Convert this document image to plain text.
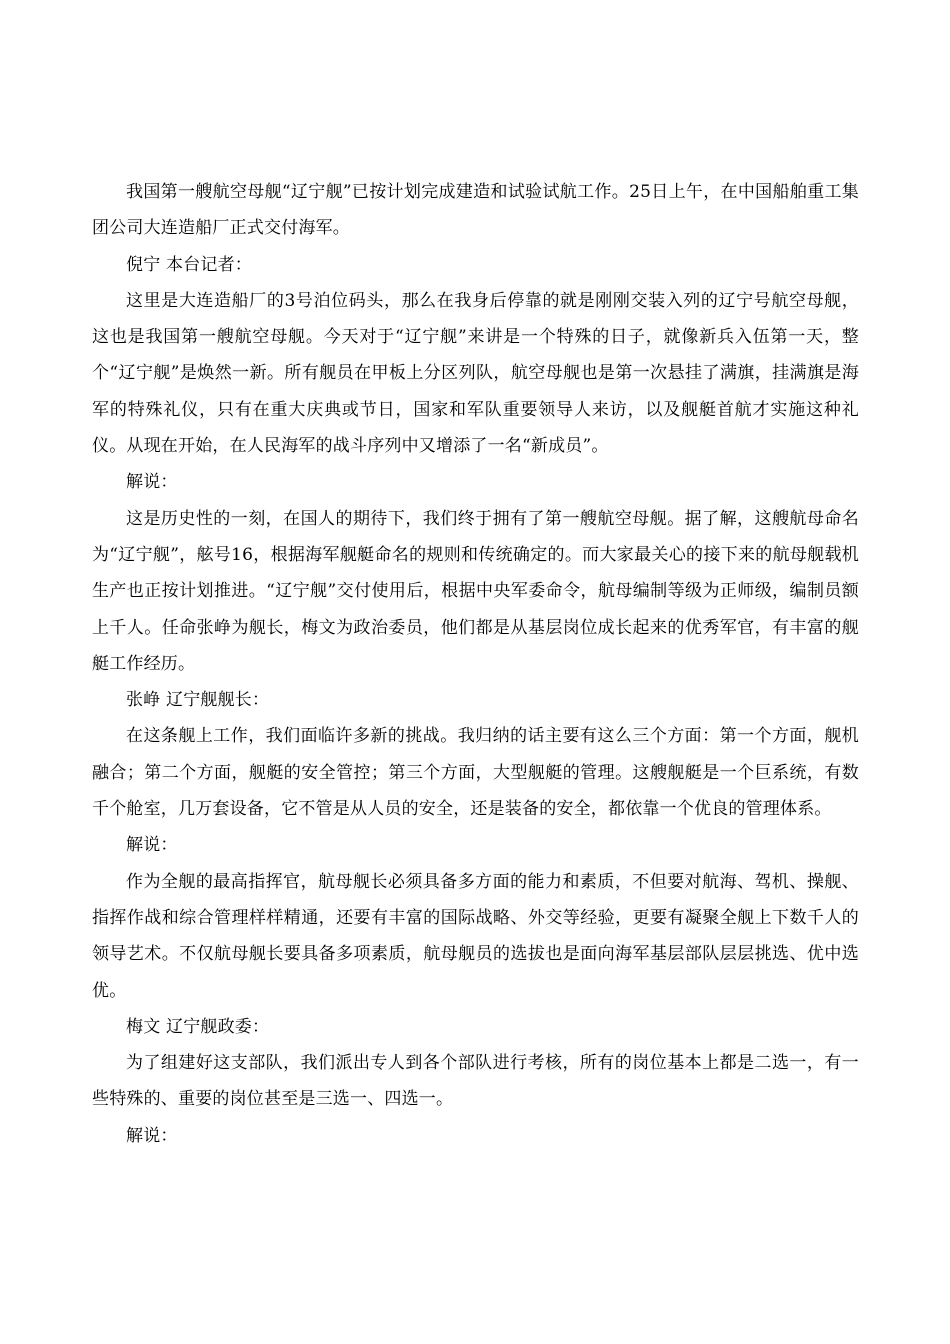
我国第一艘航空母舰“辽宁舰”已按计划完成建造和试验试航工作。25日上午，在中国船舶重工集团公司大连造船厂正式交付海军。

倪宁 本台记者：

这里是大连造船厂的3号泊位码头，那么在我身后停靠的就是刚刚交装入列的辽宁号航空母舰，这也是我国第一艘航空母舰。今天对于“辽宁舰”来讲是一个特殊的日子，就像新兵入伍第一天，整个“辽宁舰”是焕然一新。所有舰员在甲板上分区列队，航空母舰也是第一次悬挂了满旗，挂满旗是海军的特殊礼仪，只有在重大庆典或节日，国家和军队重要领导人来访，以及舰艇首航才实施这种礼仪。从现在开始，在人民海军的战斗序列中又增添了一名“新成员”。

解说：

这是历史性的一刻，在国人的期待下，我们终于拥有了第一艘航空母舰。据了解，这艘航母命名为“辽宁舰”，舷号16，根据海军舰艇命名的规则和传统确定的。而大家最关心的接下来的航母舰载机生产也正按计划推进。“辽宁舰”交付使用后，根据中央军委命令，航母编制等级为正师级，编制员额上千人。任命张峥为舰长，梅文为政治委员，他们都是从基层岗位成长起来的优秀军官，有丰富的舰艇工作经历。

张峥 辽宁舰舰长：

在这条舰上工作，我们面临许多新的挑战。我归纳的话主要有这么三个方面：第一个方面，舰机融合；第二个方面，舰艇的安全管控；第三个方面，大型舰艇的管理。这艘舰艇是一个巨系统，有数千个舱室，几万套设备，它不管是从人员的安全，还是装备的安全，都依靠一个优良的管理体系。

解说：

作为全舰的最高指挥官，航母舰长必须具备多方面的能力和素质，不但要对航海、驾机、操舰、指挥作战和综合管理样样精通，还要有丰富的国际战略、外交等经验，更要有凝聚全舰上下数千人的领导艺术。不仅航母舰长要具备多项素质，航母舰员的选拔也是面向海军基层部队层层挑选、优中选优。

梅文 辽宁舰政委：

为了组建好这支部队，我们派出专人到各个部队进行考核，所有的岗位基本上都是二选一，有一些特殊的、重要的岗位甚至是三选一、四选一。

解说：
